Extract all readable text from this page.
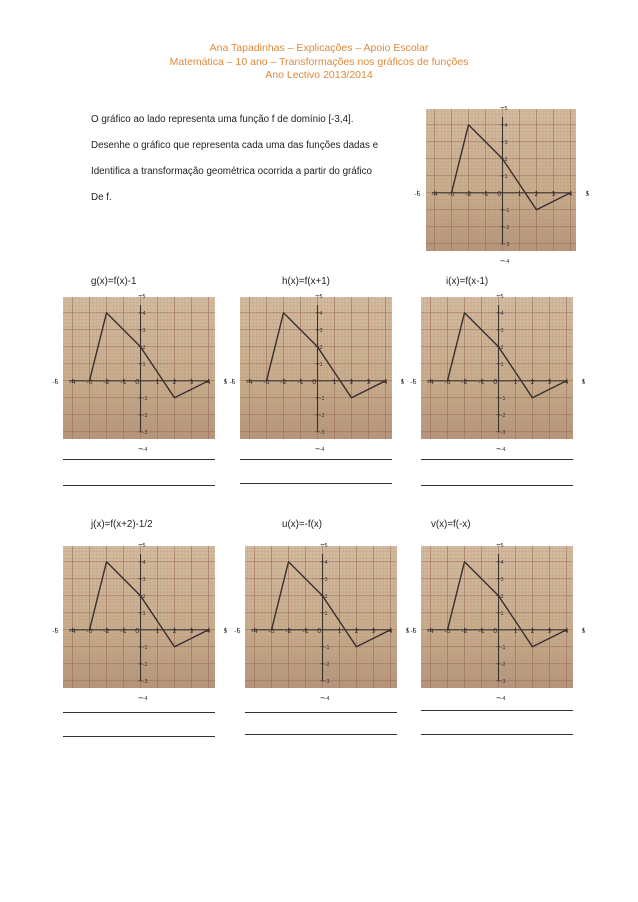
Ana Tapadinhas – Explicações – Apoio Escolar
Matemática – 10 ano – Transformações nos gráficos de funções
Ano Lectivo 2013/2014

O gráfico ao lado representa uma função f de domínio [-3,4].

Desenhe o gráfico que representa cada uma das funções dadas e

Identifica a transformação geométrica ocorrida a partir do gráfico

De f.	-5 -4 -3 -2 -1 0 1 2 3 4 5
5
4
3
2
1
-1
-2
-3
-4
g(x)=f(x)-1	h(x)=f(x+1)	i(x)=f(x-1)
j(x)=f(x+2)-1/2	u(x)=-f(x)	v(x)=f(-x)
-5 -4 -3 -2 -1 0 1 2 3 4 5
5
4
3
2
1
-1
-2
-3
-4
-5 -4 -3 -2 -1 0 1 2 3 4 5
5
4
3
2
1
-1
-2
-3
-4
-5 -4 -3 -2 -1 0 1 2 3 4 5
5
4
3
2
1
-1
-2
-3
-4
-5 -4 -3 -2 -1 0 1 2 3 4 5
5
4
3
2
1
-1
-2
-3
-4
-5 -4 -3 -2 -1 0 1 2 3 4 5
5
4
3
2
1
-1
-2
-3
-4
-5 -4 -3 -2 -1 0 1 2 3 4 5
5
4
3
2
1
-1
-2
-3
-4
